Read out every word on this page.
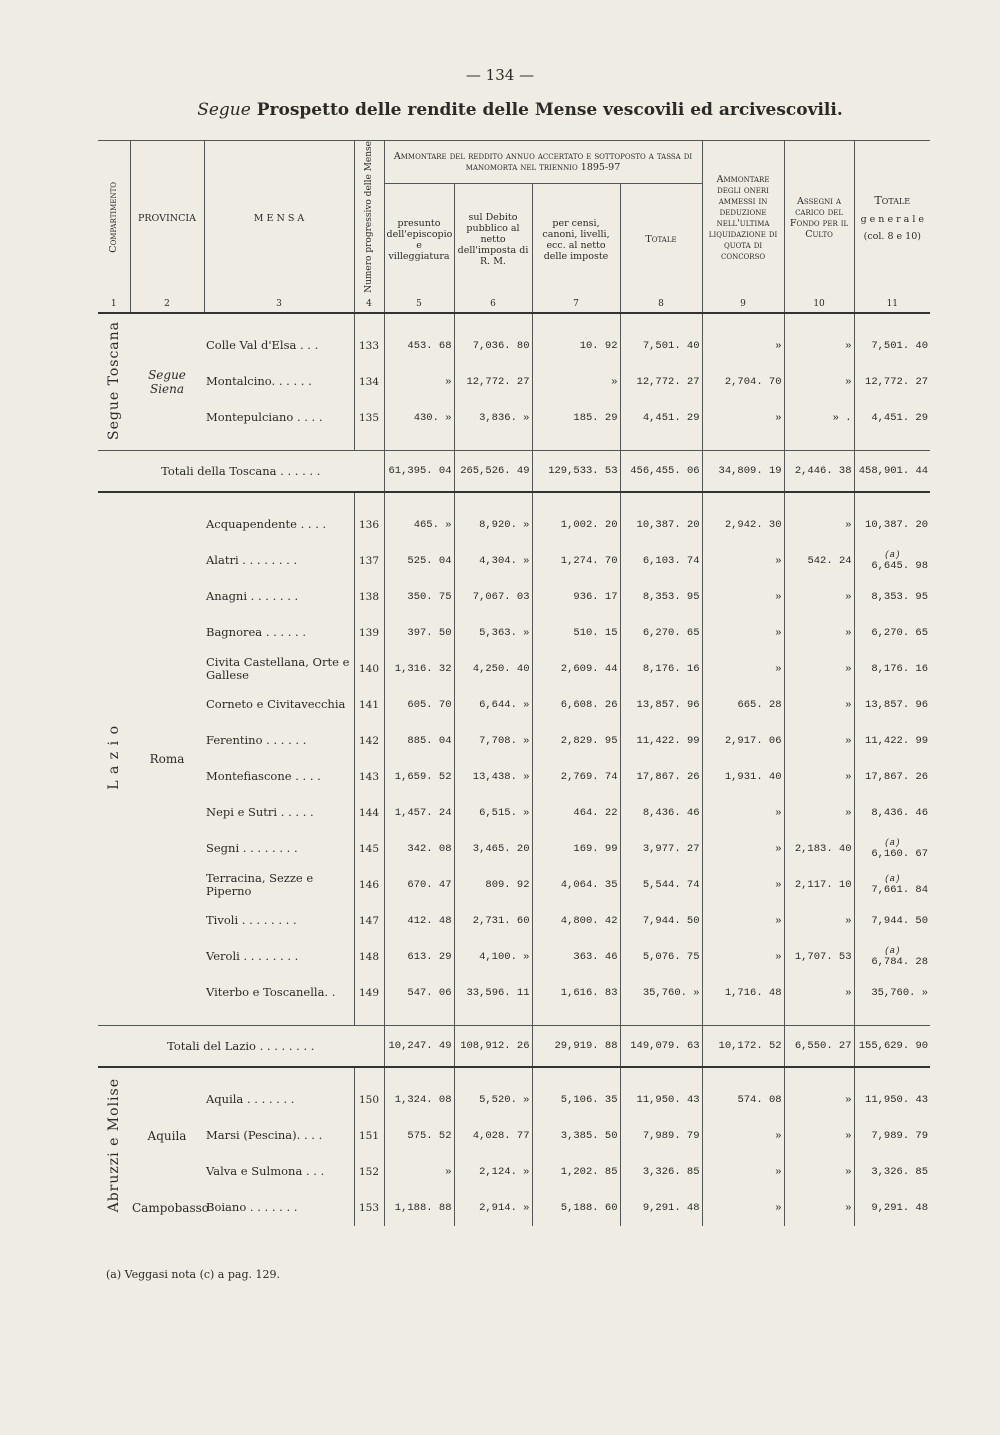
— 134 —
Segue Prospetto delle rendite delle Mense vescovili ed arcivescovili.
Compartimento	PROVINCIA	M E N S A	Numero progressivo delle Mense	Ammontare del reddito annuo accertato e sottoposto a tassa di manomorta nel triennio 1895-97				Ammontare degli oneri ammessi in deduzione nell'ultima liquidazione di quota di concorso	Assegni a carico del Fondo per il Culto	Totale
g e n e r a l e
(col. 8 e 10)

				presunto dell'episcopio e villeggiatura	sul Debito pubblico al netto dell'imposta di R. M.	per censi, canoni, livelli, ecc. al netto delle imposte	Totale			
1	2	3	4	5	6	7	8	9	10	11
Segue Toscana	Segue Siena									
		Colle Val d'Elsa . . .	133	453. 68	7,036. 80	10. 92	7,501. 40	»	»	7,501. 40
		Montalcino. . . . . .	134	»	12,772. 27	»	12,772. 27	2,704. 70	»	12,772. 27
		Montepulciano . . . .	135	430. »	3,836. »	185. 29	4,451. 29	»	» .	4,451. 29

Totali della Toscana . . . . . .				61,395. 04	265,526. 49	129,533. 53	456,455. 06	34,809. 19	2,446. 38	458,901. 44
L a z i o	Roma									
		Acquapendente . . . .	136	465. »	8,920. »	1,002. 20	10,387. 20	2,942. 30	»	10,387. 20
		Alatri . . . . . . . .	137	525. 04	4,304. »	1,274. 70	6,103. 74	»	542. 24	(a)
6,645. 98
		Anagni . . . . . . .	138	350. 75	7,067. 03	936. 17	8,353. 95	»	»	8,353. 95
		Bagnorea . . . . . .	139	397. 50	5,363. »	510. 15	6,270. 65	»	»	6,270. 65
		Civita Castellana, Orte e Gallese	140	1,316. 32	4,250. 40	2,609. 44	8,176. 16	»	»	8,176. 16
		Corneto e Civitavecchia	141	605. 70	6,644. »	6,608. 26	13,857. 96	665. 28	»	13,857. 96
		Ferentino . . . . . .	142	885. 04	7,708. »	2,829. 95	11,422. 99	2,917. 06	»	11,422. 99
		Montefiascone . . . .	143	1,659. 52	13,438. »	2,769. 74	17,867. 26	1,931. 40	»	17,867. 26
		Nepi e Sutri . . . . .	144	1,457. 24	6,515. »	464. 22	8,436. 46	»	»	8,436. 46
		Segni . . . . . . . .	145	342. 08	3,465. 20	169. 99	3,977. 27	»	2,183. 40	(a)
6,160. 67
		Terracina, Sezze e Piperno	146	670. 47	809. 92	4,064. 35	5,544. 74	»	2,117. 10	(a)
7,661. 84
		Tivoli . . . . . . . .	147	412. 48	2,731. 60	4,800. 42	7,944. 50	»	»	7,944. 50
		Veroli . . . . . . . .	148	613. 29	4,100. »	363. 46	5,076. 75	»	1,707. 53	(a)
6,784. 28
		Viterbo e Toscanella. .	149	547. 06	33,596. 11	1,616. 83	35,760. »	1,716. 48	»	35,760. »

Totali del Lazio . . . . . . . .				10,247. 49	108,912. 26	29,919. 88	149,079. 63	10,172. 52	6,550. 27	155,629. 90
Abruzzi e Molise										
	Aquila	Aquila . . . . . . .	150	1,324. 08	5,520. »	5,106. 35	11,950. 43	574. 08	»	11,950. 43
		Marsi (Pescina). . . .	151	575. 52	4,028. 77	3,385. 50	7,989. 79	»	»	7,989. 79
		Valva e Sulmona . . .	152	»	2,124. »	1,202. 85	3,326. 85	»	»	3,326. 85
	Campobasso	Boiano . . . . . . .	153	1,188. 88	2,914. »	5,188. 60	9,291. 48	»	»	9,291. 48
(a) Veggasi nota (c) a pag. 129.
